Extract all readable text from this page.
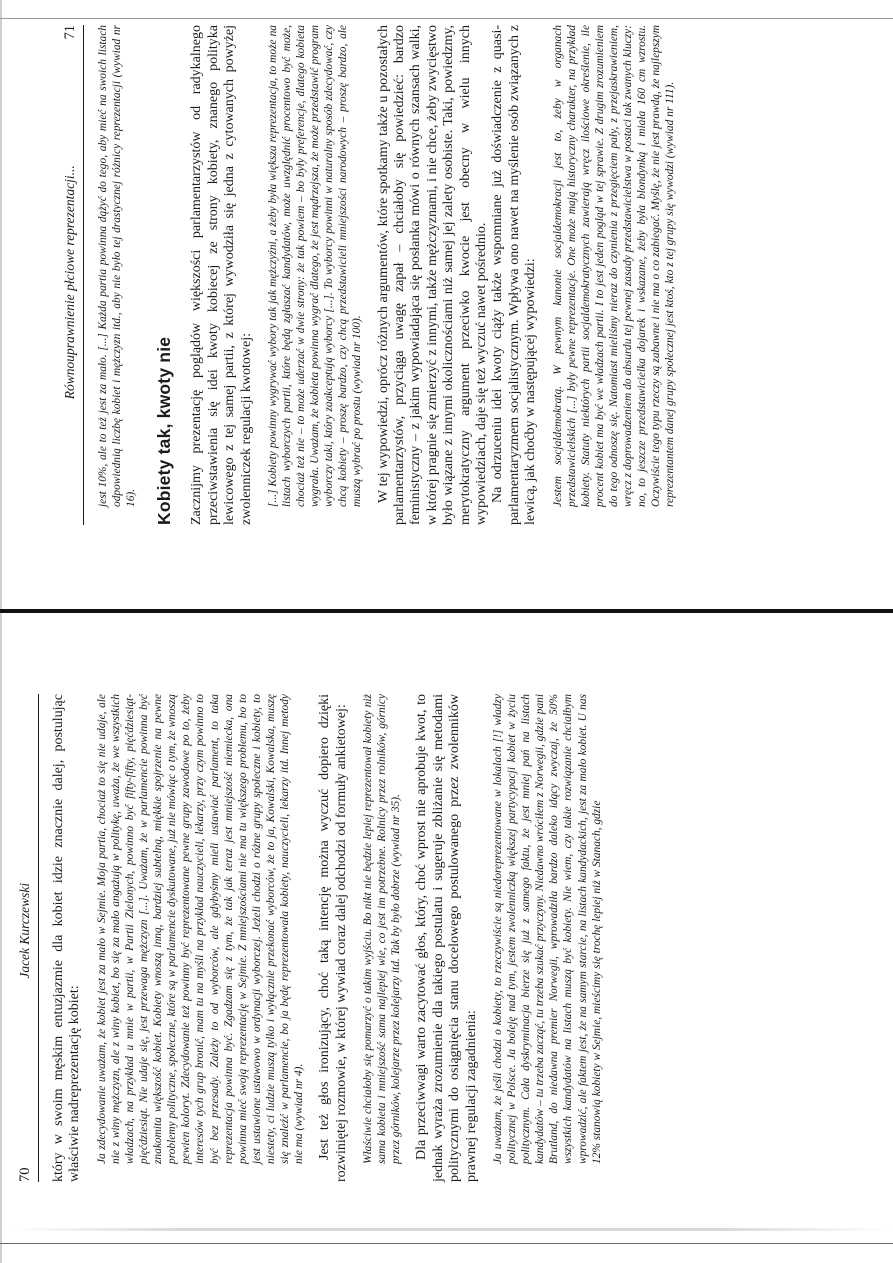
70
Jacek Kurczewski który w swoim męskim entuzjazmie dla kobiet idzie znacznie dalej, postulując właściwie nadreprezentację kobiet: Ja zdecydowanie uważam, że kobiet jest za mało w Sejmie. Moja partia, chociaż to się nie udaje, ale nie z winy mężczyzn, ale z winy kobiet, bo się za mało angażują w politykę, uważa, że we wszystkich władzach, na przykład u mnie w partii, w Partii Zielonych, powinno być fifty-fifty, pięćdziesiąt-pięćdziesiąt. Nie udaje się, jest przewaga mężczyzn [...]. Uważam, że w parlamencie powinna być znakomita większość kobiet. Kobiety wnoszą inną, bardziej subtelną, miękkie spojrzenie na pewne problemy polityczne, społeczne, które są w parlamencie dyskutowane, już nie mówiąc o tym, że wnoszą pewien koloryt. Zdecydowanie też powinny być reprezentowane pewne grupy zawodowe po to, żeby interesów tych grup bronić, mam tu na myśli na przykład nauczycieli, lekarzy, przy czym powinno to być bez przesady. Zależy to od wyborców, ale gdybyśmy mieli ustawiać parlament, to taka reprezentacja powinna być. Zgadzam się z tym, że tak jak teraz jest mniejszość niemiecka, ona powinna mieć swoją reprezentację w Sejmie. Z mniejszościami nie ma tu większego problemu, bo to jest ustawione ustawowo w ordynacji wyborczej. Jeżeli chodzi o różne grupy społeczne i kobiety, to niestety, ci ludzie muszą tylko i wyłącznie przekonać wyborców, że to ja, Kowalski, Kowalska, muszę się znaleźć w parlamencie, bo ja będę reprezentowała kobiety, nauczycieli, lekarzy itd. Innej metody nie ma (wywiad nr 4). Jest też głos ironizujący, choć taką intencję można wyczuć dopiero dzięki rozwiniętej rozmowie, w której wywiad coraz dalej odchodzi od formuły ankietowej: Właściwie chciałoby się pomarzyć o takim wyjściu. Bo nikt nie będzie lepiej reprezentował kobiety niż sama kobieta i mniejszość sama najlepiej wie, co jest im potrzebne. Rolnicy przez rolników, górnicy przez górników, kolejarze przez kolejarzy itd. Tak by było dobrze (wywiad nr 35). Dla przeciwwagi warto zacytować głos, który, choć wprost nie aprobuje kwot, to jednak wyraża zrozumienie dla takiego postulatu i sugeruje zbliżanie się metodami politycznymi do osiągnięcia stanu docelowego postulowanego przez zwolenników prawnej regulacji zagadnienia: Ja uważam, że jeśli chodzi o kobiety, to rzeczywiście są niedoreprezentowane w lokalach [!] władzy politycznej w Polsce. Ja boleję nad tym, jestem zwolenniczką większej partycypacji kobiet w życiu politycznym. Cała dyskryminacja bierze się już z samego faktu, że jest mniej pań na listach kandydatów – tu trzeba zacząć, tu trzeba szukać przyczyny. Niedawno wróciłem z Norwegii, gdzie pani Brutland, do niedawna premier Norwegii, wprowadziła bardzo daleko idący zwyczaj, że 50% wszystkich kandydatów na listach muszą być kobiety. Nie wiem, czy takie rozwiązanie chciałbym wprowadzić, ale faktem jest, że na samym starcie, na listach kandydackich, jest za mało kobiet. U nas 12% stanowią kobiety w Sejmie, mieścimy się trochę lepiej niż w Stanach, gdzie

Równouprawnienie płciowe reprezentacji...
71 jest 10%, ale to też jest za mało. [...] Każda partia powinna dążyć do tego, aby mieć na swoich listach odpowiednią liczbę kobiet i mężczyzn itd., aby nie było tej drastycznej różnicy reprezentacji (wywiad nr 16). Kobiety tak, kwoty nie Zacznijmy prezentację poglądów większości parlamentarzystów od radykalnego przeciwstawienia się idei kwoty kobiecej ze strony kobiety, znanego polityka lewicowego z tej samej partii, z której wywodziła się jedna z cytowanych powyżej zwolenniczek regulacji kwotowej: [...] Kobiety powinny wygrywać wybory tak jak mężczyźni, a żeby była większa reprezentacja, to może na listach wyborczych partii, które będą zgłaszać kandydatów, może uwzględnić procentowo być może, chociaż też nie – to może uderzać w dwie strony: że tak powiem – bo były preferencje, dlatego kobieta wygrała. Uważam, że kobieta powinna wygrać dlatego, że jest mądrzejsza, że może przedstawić program wyborczy taki, który zaakceptują wyborcy [...]. To wyborcy powinni w naturalny sposób zdecydować, czy chcą kobiety – proszę bardzo, czy chcą przedstawicieli mniejszości narodowych – proszę bardzo, ale muszą wybrać po prostu (wywiad nr 100). W tej wypowiedzi, oprócz różnych argumentów, które spotkamy także u pozostałych parlamentarzystów, przyciąga uwagę zapał – chciałoby się powiedzieć: bardzo feministyczny – z jakim wypowiadająca się posłanka mówi o równych szansach walki, w której pragnie się zmierzyć z innymi, także mężczyznami, i nie chce, żeby zwycięstwo było wiązane z innymi okolicznościami niż samej jej zalety osobiste. Taki, powiedzmy, merytokratyczny argument przeciwko kwocie jest obecny w wielu innych wypowiedziach, daje się też wyczuć nawet pośrednio. Na odrzuceniu idei kwoty ciąży także wspomniane już doświadczenie z quasi-parlamentaryzmem socjalistycznym. Wpływa ono nawet na myślenie osób związanych z lewicą, jak choćby w następującej wypowiedzi: Jestem socjaldemokratą. W pewnym kanonie socjaldemokracji jest to, żeby w organach przedstawicielskich [...] były pewne reprezentacje. One może mają historyczny charakter, na przykład kobiety. Statuty niektórych partii socjaldemokratycznych zawierają wręcz ilościowe określenie, ile procent kobiet ma być we władzach partii. I to jest jeden pogląd w tej sprawie. Z drugim zrozumieniem do tego odnoszę się. Natomiast mieliśmy nieraz do czynienia z przegięciem pały, z przejaskrawieniem, wręcz z doprowadzeniem do absurdu tej pewnej zasady przedstawicielstwa w postaci tak zwanych kluczy: no, to jeszcze przedstawicielka dojarek i wskazane, żeby była blondynką i miała 160 cm wzrostu. Oczywiście tego typu rzeczy są zabawne i nie ma o co zabiegać. Myślę, że nie jest prawdą, że najlepszym reprezentantem danej grupy społecznej jest ktoś, kto z tej grupy się wywodzi (wywiad nr 111).
